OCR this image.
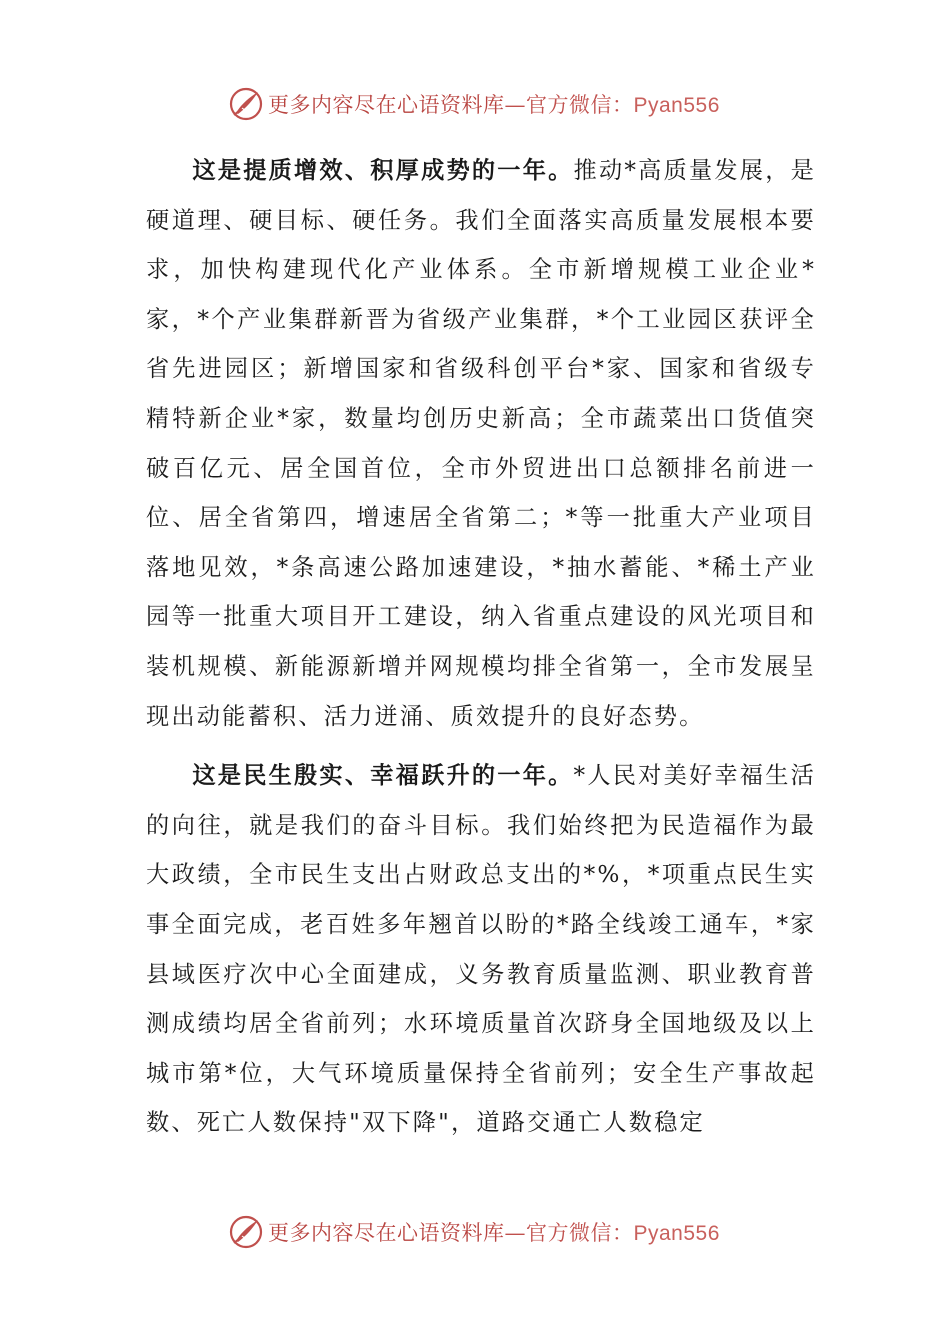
更多内容尽在心语资料库—官方微信：Pyan556

这是提质增效、积厚成势的一年。推动*高质量发展，是硬道理、硬目标、硬任务。我们全面落实高质量发展根本要求，加快构建现代化产业体系。全市新增规模工业企业*家，*个产业集群新晋为省级产业集群，*个工业园区获评全省先进园区；新增国家和省级科创平台*家、国家和省级专精特新企业*家，数量均创历史新高；全市蔬菜出口货值突破百亿元、居全国首位，全市外贸进出口总额排名前进一位、居全省第四，增速居全省第二；*等一批重大产业项目落地见效，*条高速公路加速建设，*抽水蓄能、*稀土产业园等一批重大项目开工建设，纳入省重点建设的风光项目和装机规模、新能源新增并网规模均排全省第一，全市发展呈现出动能蓄积、活力迸涌、质效提升的良好态势。

这是民生殷实、幸福跃升的一年。*人民对美好幸福生活的向往，就是我们的奋斗目标。我们始终把为民造福作为最大政绩，全市民生支出占财政总支出的*%，*项重点民生实事全面完成，老百姓多年翘首以盼的*路全线竣工通车，*家县域医疗次中心全面建成，义务教育质量监测、职业教育普测成绩均居全省前列；水环境质量首次跻身全国地级及以上城市第*位，大气环境质量保持全省前列；安全生产事故起数、死亡人数保持"双下降"，道路交通亡人数稳定

更多内容尽在心语资料库—官方微信：Pyan556
